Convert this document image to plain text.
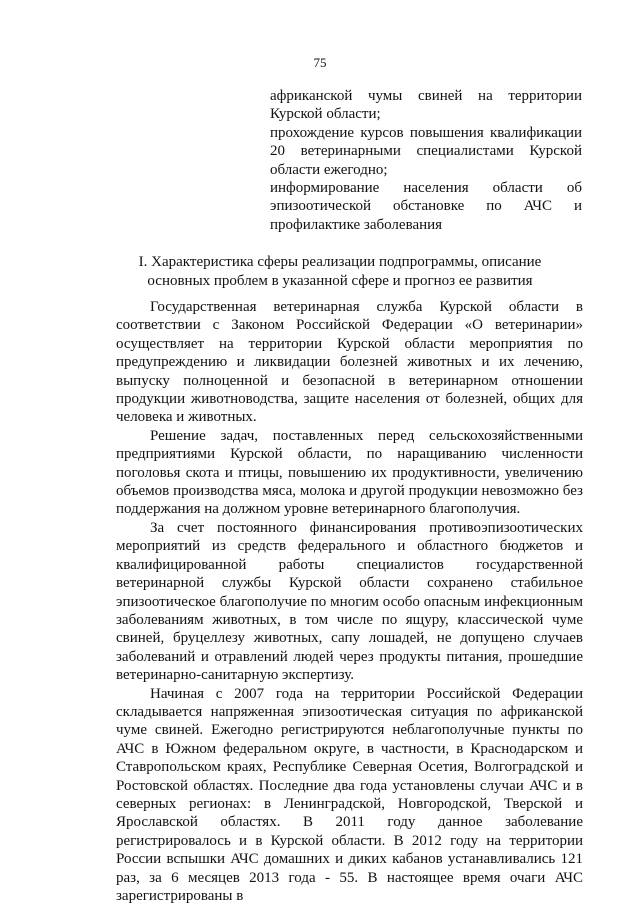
75

африканской чумы свиней на территории Курской области;

прохождение курсов повышения квалификации 20 ветеринарными специалистами Курской области ежегодно;

информирование населения области об эпизоотической обстановке по АЧС и профилактике заболевания

I. Характеристика сферы реализации подпрограммы, описание
основных проблем в указанной сфере и прогноз ее развития

Государственная ветеринарная служба Курской области в соответствии с Законом Российской Федерации «О ветеринарии» осуществляет на территории Курской области мероприятия по предупреждению и ликвидации болезней животных и их лечению, выпуску полноценной и безопасной в ветеринарном отношении продукции животноводства, защите населения от болезней, общих для человека и животных.

Решение задач, поставленных перед сельскохозяйственными предприятиями Курской области, по наращиванию численности поголовья скота и птицы, повышению их продуктивности, увеличению объемов производства мяса, молока и другой продукции невозможно без поддержания на должном уровне ветеринарного благополучия.

За счет постоянного финансирования противоэпизоотических мероприятий из средств федерального и областного бюджетов и квалифицированной работы специалистов государственной ветеринарной службы Курской области сохранено стабильное эпизоотическое благополучие по многим особо опасным инфекционным заболеваниям животных, в том числе по ящуру, классической чуме свиней, бруцеллезу животных, сапу лошадей, не допущено случаев заболеваний и отравлений людей через продукты питания, прошедшие ветеринарно-санитарную экспертизу.

Начиная с 2007 года на территории Российской Федерации складывается напряженная эпизоотическая ситуация по африканской чуме свиней. Ежегодно регистрируются неблагополучные пункты по АЧС в Южном федеральном округе, в частности, в Краснодарском и Ставропольском краях, Республике Северная Осетия, Волгоградской и Ростовской областях. Последние два года установлены случаи АЧС и в северных регионах: в Ленинградской, Новгородской, Тверской и Ярославской областях. В 2011 году данное заболевание регистрировалось и в Курской области. В 2012 году на территории России вспышки АЧС домашних и диких кабанов устанавливались 121 раз, за 6 месяцев 2013 года - 55. В настоящее время очаги АЧС зарегистрированы в
